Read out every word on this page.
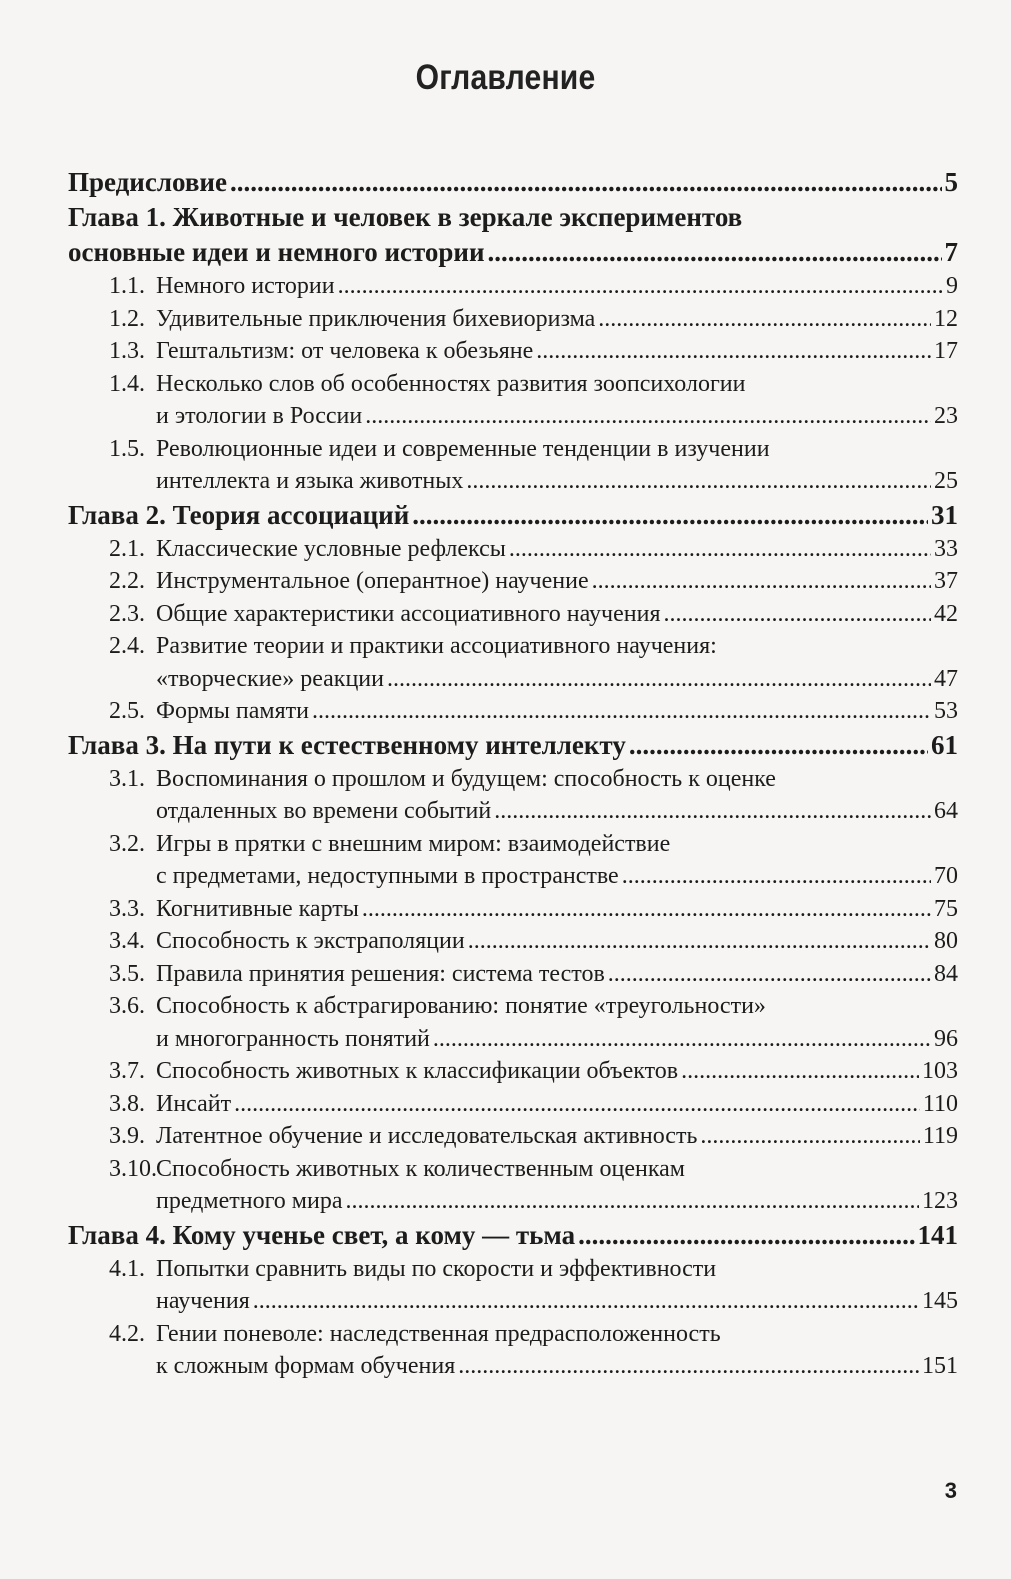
Оглавление
Предисловие .....	5
Глава 1. Животные и человек в зеркале экспериментов
основные идеи и немного истории .....	7
1.1. Немного истории .....	9
1.2. Удивительные приключения бихевиоризма .....	12
1.3. Гештальтизм: от человека к обезьяне .....	17
1.4. Несколько слов об особенностях развития зоопсихологии
и этологии в России .....	23
1.5. Революционные идеи и современные тенденции в изучении
интеллекта и языка животных .....	25
Глава 2. Теория ассоциаций .....	31
2.1. Классические условные рефлексы .....	33
2.2. Инструментальное (оперантное) научение .....	37
2.3. Общие характеристики ассоциативного научения .....	42
2.4. Развитие теории и практики ассоциативного научения:
«творческие» реакции .....	47
2.5. Формы памяти .....	53
Глава 3. На пути к естественному интеллекту .....	61
3.1. Воспоминания о прошлом и будущем: способность к оценке
отдаленных во времени событий .....	64
3.2. Игры в прятки с внешним миром: взаимодействие
с предметами, недоступными в пространстве .....	70
3.3. Когнитивные карты .....	75
3.4. Способность к экстраполяции .....	80
3.5. Правила принятия решения: система тестов .....	84
3.6. Способность к абстрагированию: понятие «треугольности»
и многогранность понятий .....	96
3.7. Способность животных к классификации объектов .....	103
3.8. Инсайт .....	110
3.9. Латентное обучение и исследовательская активность .....	119
3.10.Способность животных к количественным оценкам
предметного мира .....	123
Глава 4. Кому ученье свет, а кому — тьма .....	141
4.1. Попытки сравнить виды по скорости и эффективности
научения .....	145
4.2. Гении поневоле: наследственная предрасположенность
к сложным формам обучения .....	151
3
